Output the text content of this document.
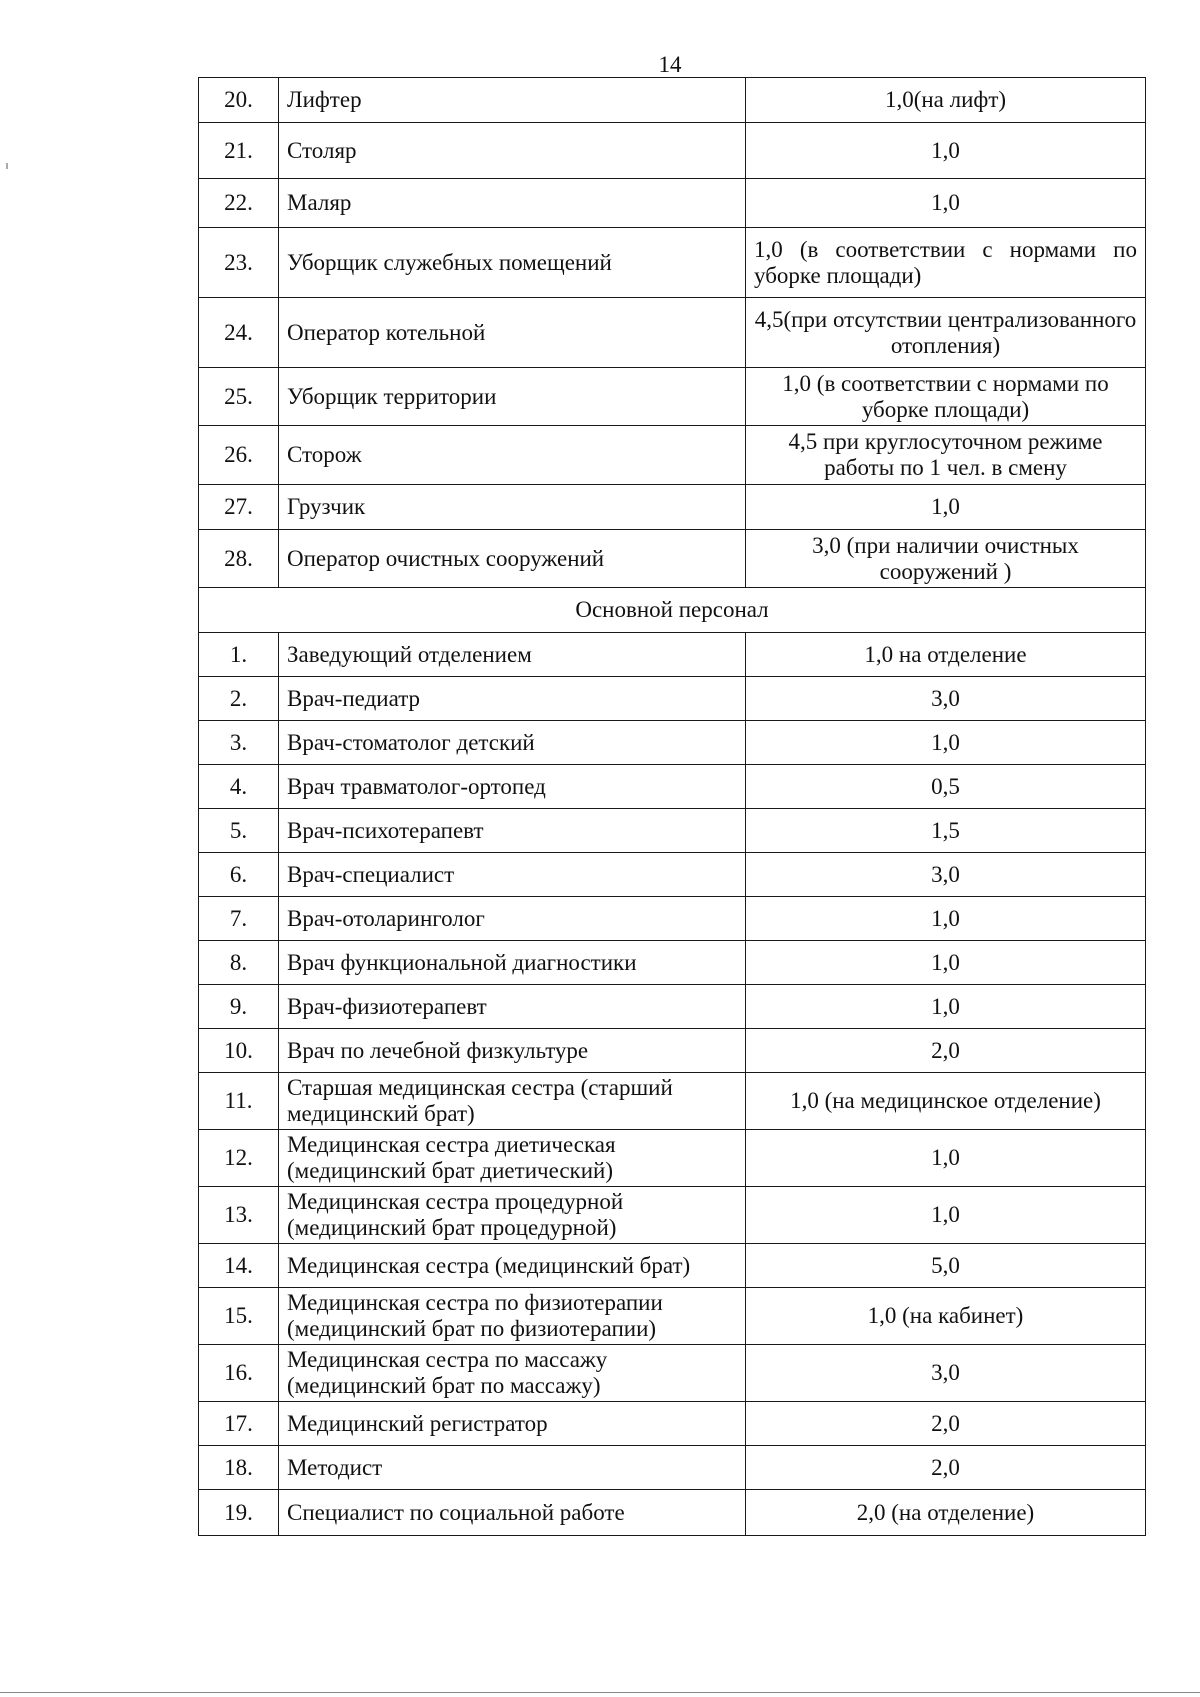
14
20.	Лифтер	1,0(на лифт)
21.	Столяр	1,0
22.	Маляр	1,0
23.	Уборщик служебных помещений	1,0 (в соответствии с нормами по уборке площади)
24.	Оператор котельной	4,5(при отсутствии централизованного отопления)
25.	Уборщик территории	1,0 (в соответствии с нормами по уборке площади)
26.	Сторож	4,5 при круглосуточном режиме работы по 1 чел. в смену
27.	Грузчик	1,0
28.	Оператор очистных сооружений	3,0 (при наличии очистных сооружений )
Основной персонал		
1.	Заведующий отделением	1,0 на отделение
2.	Врач-педиатр	3,0
3.	Врач-стоматолог детский	1,0
4.	Врач травматолог-ортопед	0,5
5.	Врач-психотерапевт	1,5
6.	Врач-специалист	3,0
7.	Врач-отоларинголог	1,0
8.	Врач функциональной диагностики	1,0
9.	Врач-физиотерапевт	1,0
10.	Врач по лечебной физкультуре	2,0
11.	Старшая медицинская сестра (старший медицинский брат)	1,0 (на медицинское отделение)
12.	Медицинская сестра диетическая (медицинский брат диетический)	1,0
13.	Медицинская сестра процедурной (медицинский брат процедурной)	1,0
14.	Медицинская сестра (медицинский брат)	5,0
15.	Медицинская сестра по физиотерапии (медицинский брат по физиотерапии)	1,0 (на кабинет)
16.	Медицинская сестра по массажу (медицинский брат по массажу)	3,0
17.	Медицинский регистратор	2,0
18.	Методист	2,0
19.	Специалист по социальной работе	2,0 (на отделение)
